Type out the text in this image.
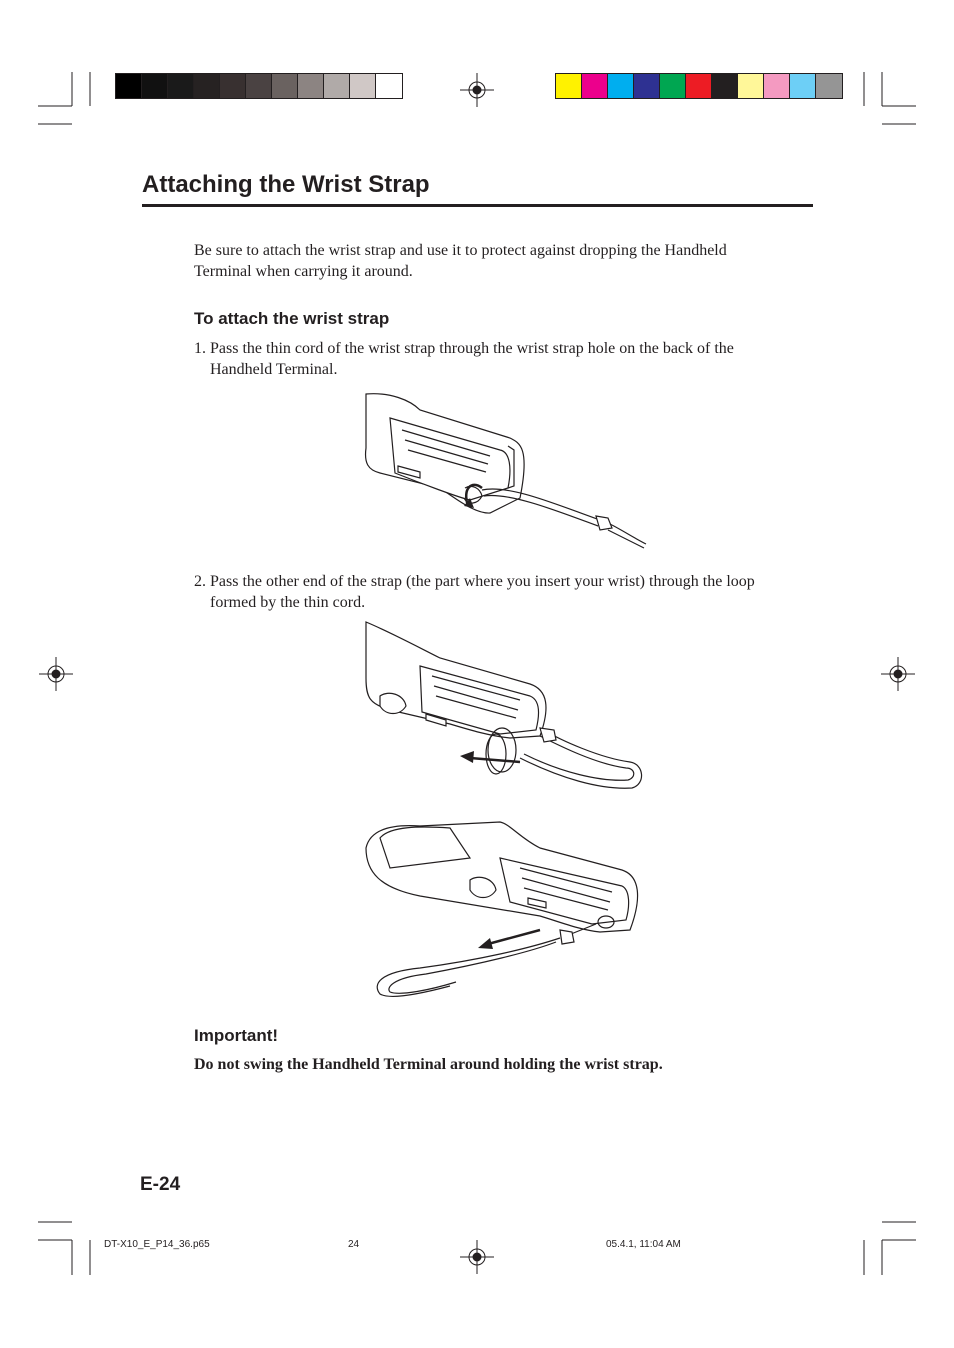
Attaching the Wrist Strap
Be sure to attach the wrist strap and use it to protect against dropping the Handheld
Terminal when carrying it around.
To attach the wrist strap
1. Pass the thin cord of the wrist strap through the wrist strap hole on the back of the
Handheld Terminal.
2. Pass the other end of the strap (the part where you insert your wrist) through the loop
formed by the thin cord.
Important!
Do not swing the Handheld Terminal around holding the wrist strap.
E-24
DT-X10_E_P14_36.p65	24	05.4.1, 11:04 AM
